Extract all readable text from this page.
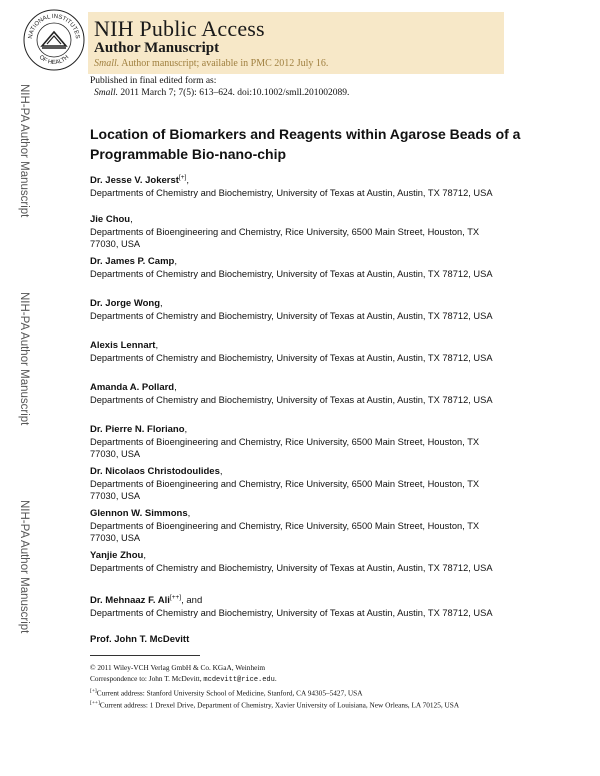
NATIONAL INSTITUTES
OF HEALTH
NIH Public Access
Author Manuscript
Small. Author manuscript; available in PMC 2012 July 16.
NIH-PA Author Manuscript
NIH-PA Author Manuscript
NIH-PA Author Manuscript
Published in final edited form as:
Small. 2011 March 7; 7(5): 613–624. doi:10.1002/smll.201002089.
Location of Biomarkers and Reagents within Agarose Beads of a Programmable Bio-nano-chip
Dr. Jesse V. Jokerst[+],
Departments of Chemistry and Biochemistry, University of Texas at Austin, Austin, TX 78712, USA
Jie Chou,
Departments of Bioengineering and Chemistry, Rice University, 6500 Main Street, Houston, TX 77030, USA
Dr. James P. Camp,
Departments of Chemistry and Biochemistry, University of Texas at Austin, Austin, TX 78712, USA
Dr. Jorge Wong,
Departments of Chemistry and Biochemistry, University of Texas at Austin, Austin, TX 78712, USA
Alexis Lennart,
Departments of Chemistry and Biochemistry, University of Texas at Austin, Austin, TX 78712, USA
Amanda A. Pollard,
Departments of Chemistry and Biochemistry, University of Texas at Austin, Austin, TX 78712, USA
Dr. Pierre N. Floriano,
Departments of Bioengineering and Chemistry, Rice University, 6500 Main Street, Houston, TX 77030, USA
Dr. Nicolaos Christodoulides,
Departments of Bioengineering and Chemistry, Rice University, 6500 Main Street, Houston, TX 77030, USA
Glennon W. Simmons,
Departments of Bioengineering and Chemistry, Rice University, 6500 Main Street, Houston, TX 77030, USA
Yanjie Zhou,
Departments of Chemistry and Biochemistry, University of Texas at Austin, Austin, TX 78712, USA
Dr. Mehnaaz F. Ali[++], and
Departments of Chemistry and Biochemistry, University of Texas at Austin, Austin, TX 78712, USA
Prof. John T. McDevitt
© 2011 Wiley-VCH Verlag GmbH & Co. KGaA, Weinheim
Correspondence to: John T. McDevitt, mcdevitt@rice.edu.
[+]Current address: Stanford University School of Medicine, Stanford, CA 94305–5427, USA
[++]Current address: 1 Drexel Drive, Department of Chemistry, Xavier University of Louisiana, New Orleans, LA 70125, USA
